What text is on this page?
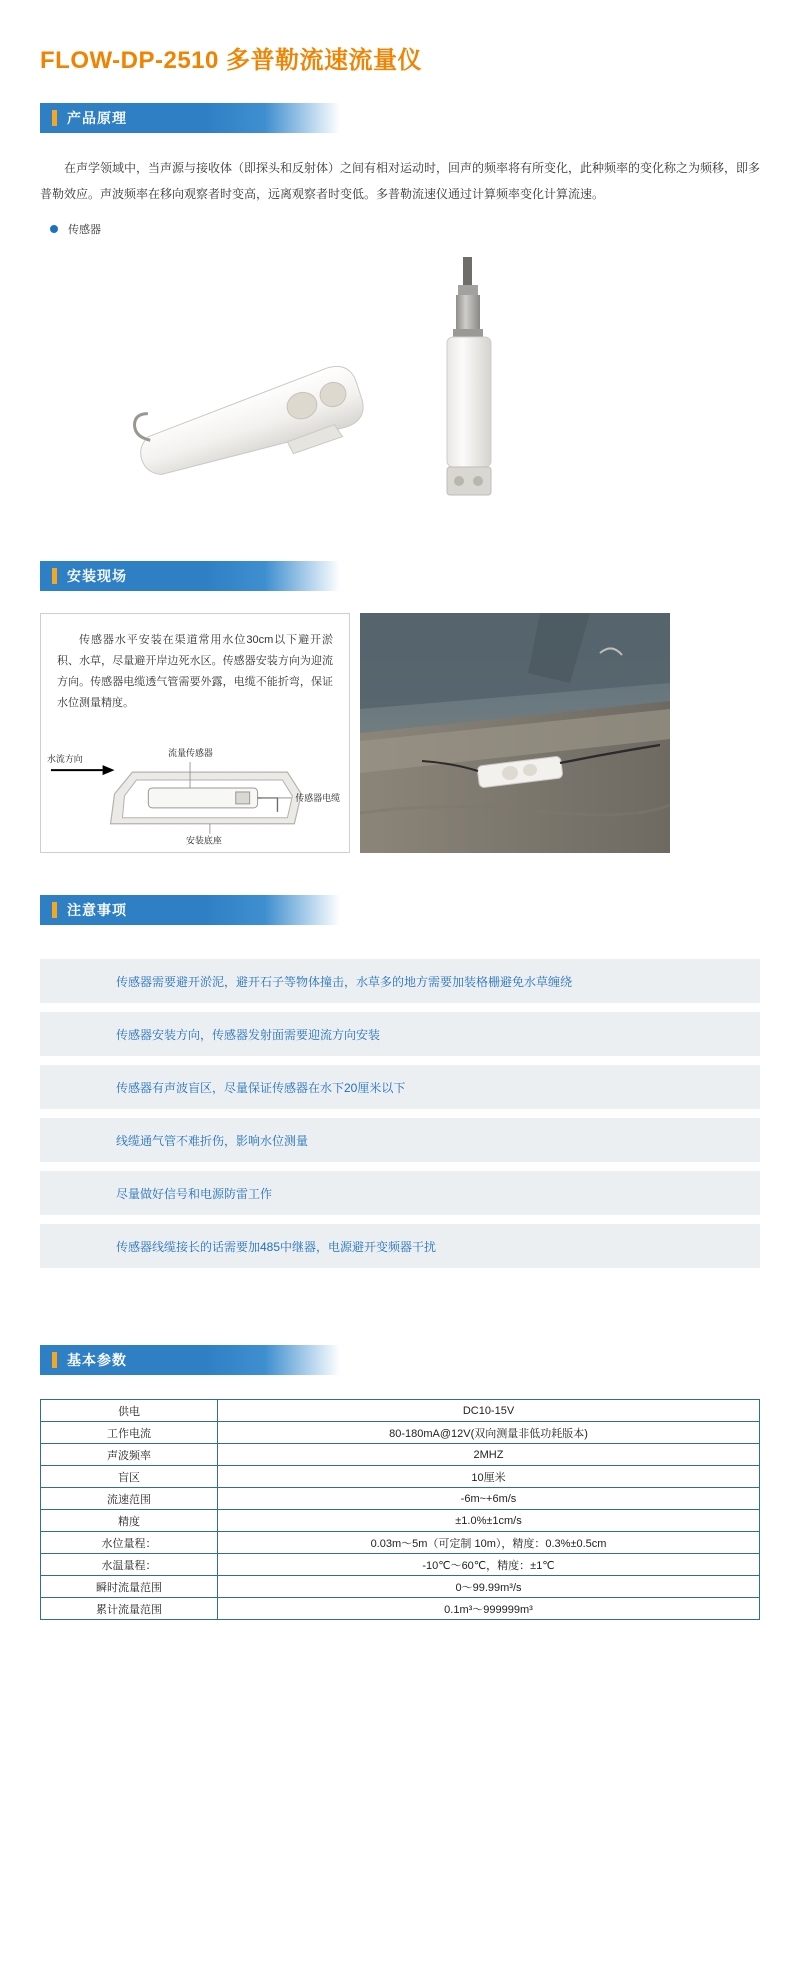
FLOW-DP-2510 多普勒流速流量仪
产品原理
在声学领域中，当声源与接收体（即探头和反射体）之间有相对运动时，回声的频率将有所变化，此种频率的变化称之为频移，即多普勒效应。声波频率在移向观察者时变高，远离观察者时变低。多普勒流速仪通过计算频率变化计算流速。
传感器
安装现场
传感器水平安装在渠道常用水位30cm以下避开淤积、水草，尽量避开岸边死水区。传感器安装方向为迎流方向。传感器电缆透气管需要外露，电缆不能折弯，保证水位测量精度。
水流方向
流量传感器
传感器电缆
安装底座
注意事项
传感器需要避开淤泥，避开石子等物体撞击，水草多的地方需要加装格栅避免水草缠绕
传感器安装方向，传感器发射面需要迎流方向安装
传感器有声波盲区，尽量保证传感器在水下20厘米以下
线缆通气管不难折伤，影响水位测量
尽量做好信号和电源防雷工作
传感器线缆接长的话需要加485中继器，电源避开变频器干扰
基本参数
供电	DC10-15V
工作电流	80-180mA@12V(双向测量非低功耗版本)
声波频率	2MHZ
盲区	10厘米
流速范围	-6m~+6m/s
精度	±1.0%±1cm/s
水位量程：	0.03m～5m（可定制 10m），精度：0.3%±0.5cm
水温量程：	-10℃～60℃，精度：±1℃
瞬时流量范围	0～99.99m³/s
累计流量范围	0.1m³～999999m³
